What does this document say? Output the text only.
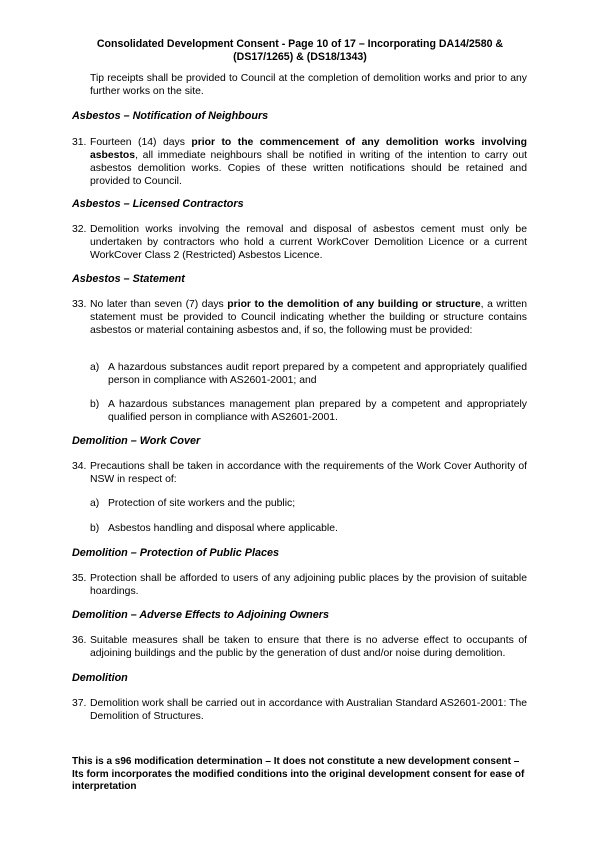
Consolidated Development Consent - Page 10 of 17 – Incorporating DA14/2580 &
(DS17/1265) & (DS18/1343)
Tip receipts shall be provided to Council at the completion of demolition works and prior to any further works on the site.
Asbestos – Notification of Neighbours
31. Fourteen (14) days prior to the commencement of any demolition works involving asbestos, all immediate neighbours shall be notified in writing of the intention to carry out asbestos demolition works. Copies of these written notifications should be retained and provided to Council.
Asbestos – Licensed Contractors
32. Demolition works involving the removal and disposal of asbestos cement must only be undertaken by contractors who hold a current WorkCover Demolition Licence or a current WorkCover Class 2 (Restricted) Asbestos Licence.
Asbestos – Statement
33. No later than seven (7) days prior to the demolition of any building or structure, a written statement must be provided to Council indicating whether the building or structure contains asbestos or material containing asbestos and, if so, the following must be provided:
a) A hazardous substances audit report prepared by a competent and appropriately qualified person in compliance with AS2601-2001; and
b) A hazardous substances management plan prepared by a competent and appropriately qualified person in compliance with AS2601-2001.
Demolition – Work Cover
34. Precautions shall be taken in accordance with the requirements of the Work Cover Authority of NSW in respect of:
a) Protection of site workers and the public;
b) Asbestos handling and disposal where applicable.
Demolition – Protection of Public Places
35. Protection shall be afforded to users of any adjoining public places by the provision of suitable hoardings.
Demolition – Adverse Effects to Adjoining Owners
36. Suitable measures shall be taken to ensure that there is no adverse effect to occupants of adjoining buildings and the public by the generation of dust and/or noise during demolition.
Demolition
37. Demolition work shall be carried out in accordance with Australian Standard AS2601-2001: The Demolition of Structures.
This is a s96 modification determination – It does not constitute a new development consent – Its form incorporates the modified conditions into the original development consent for ease of interpretation
